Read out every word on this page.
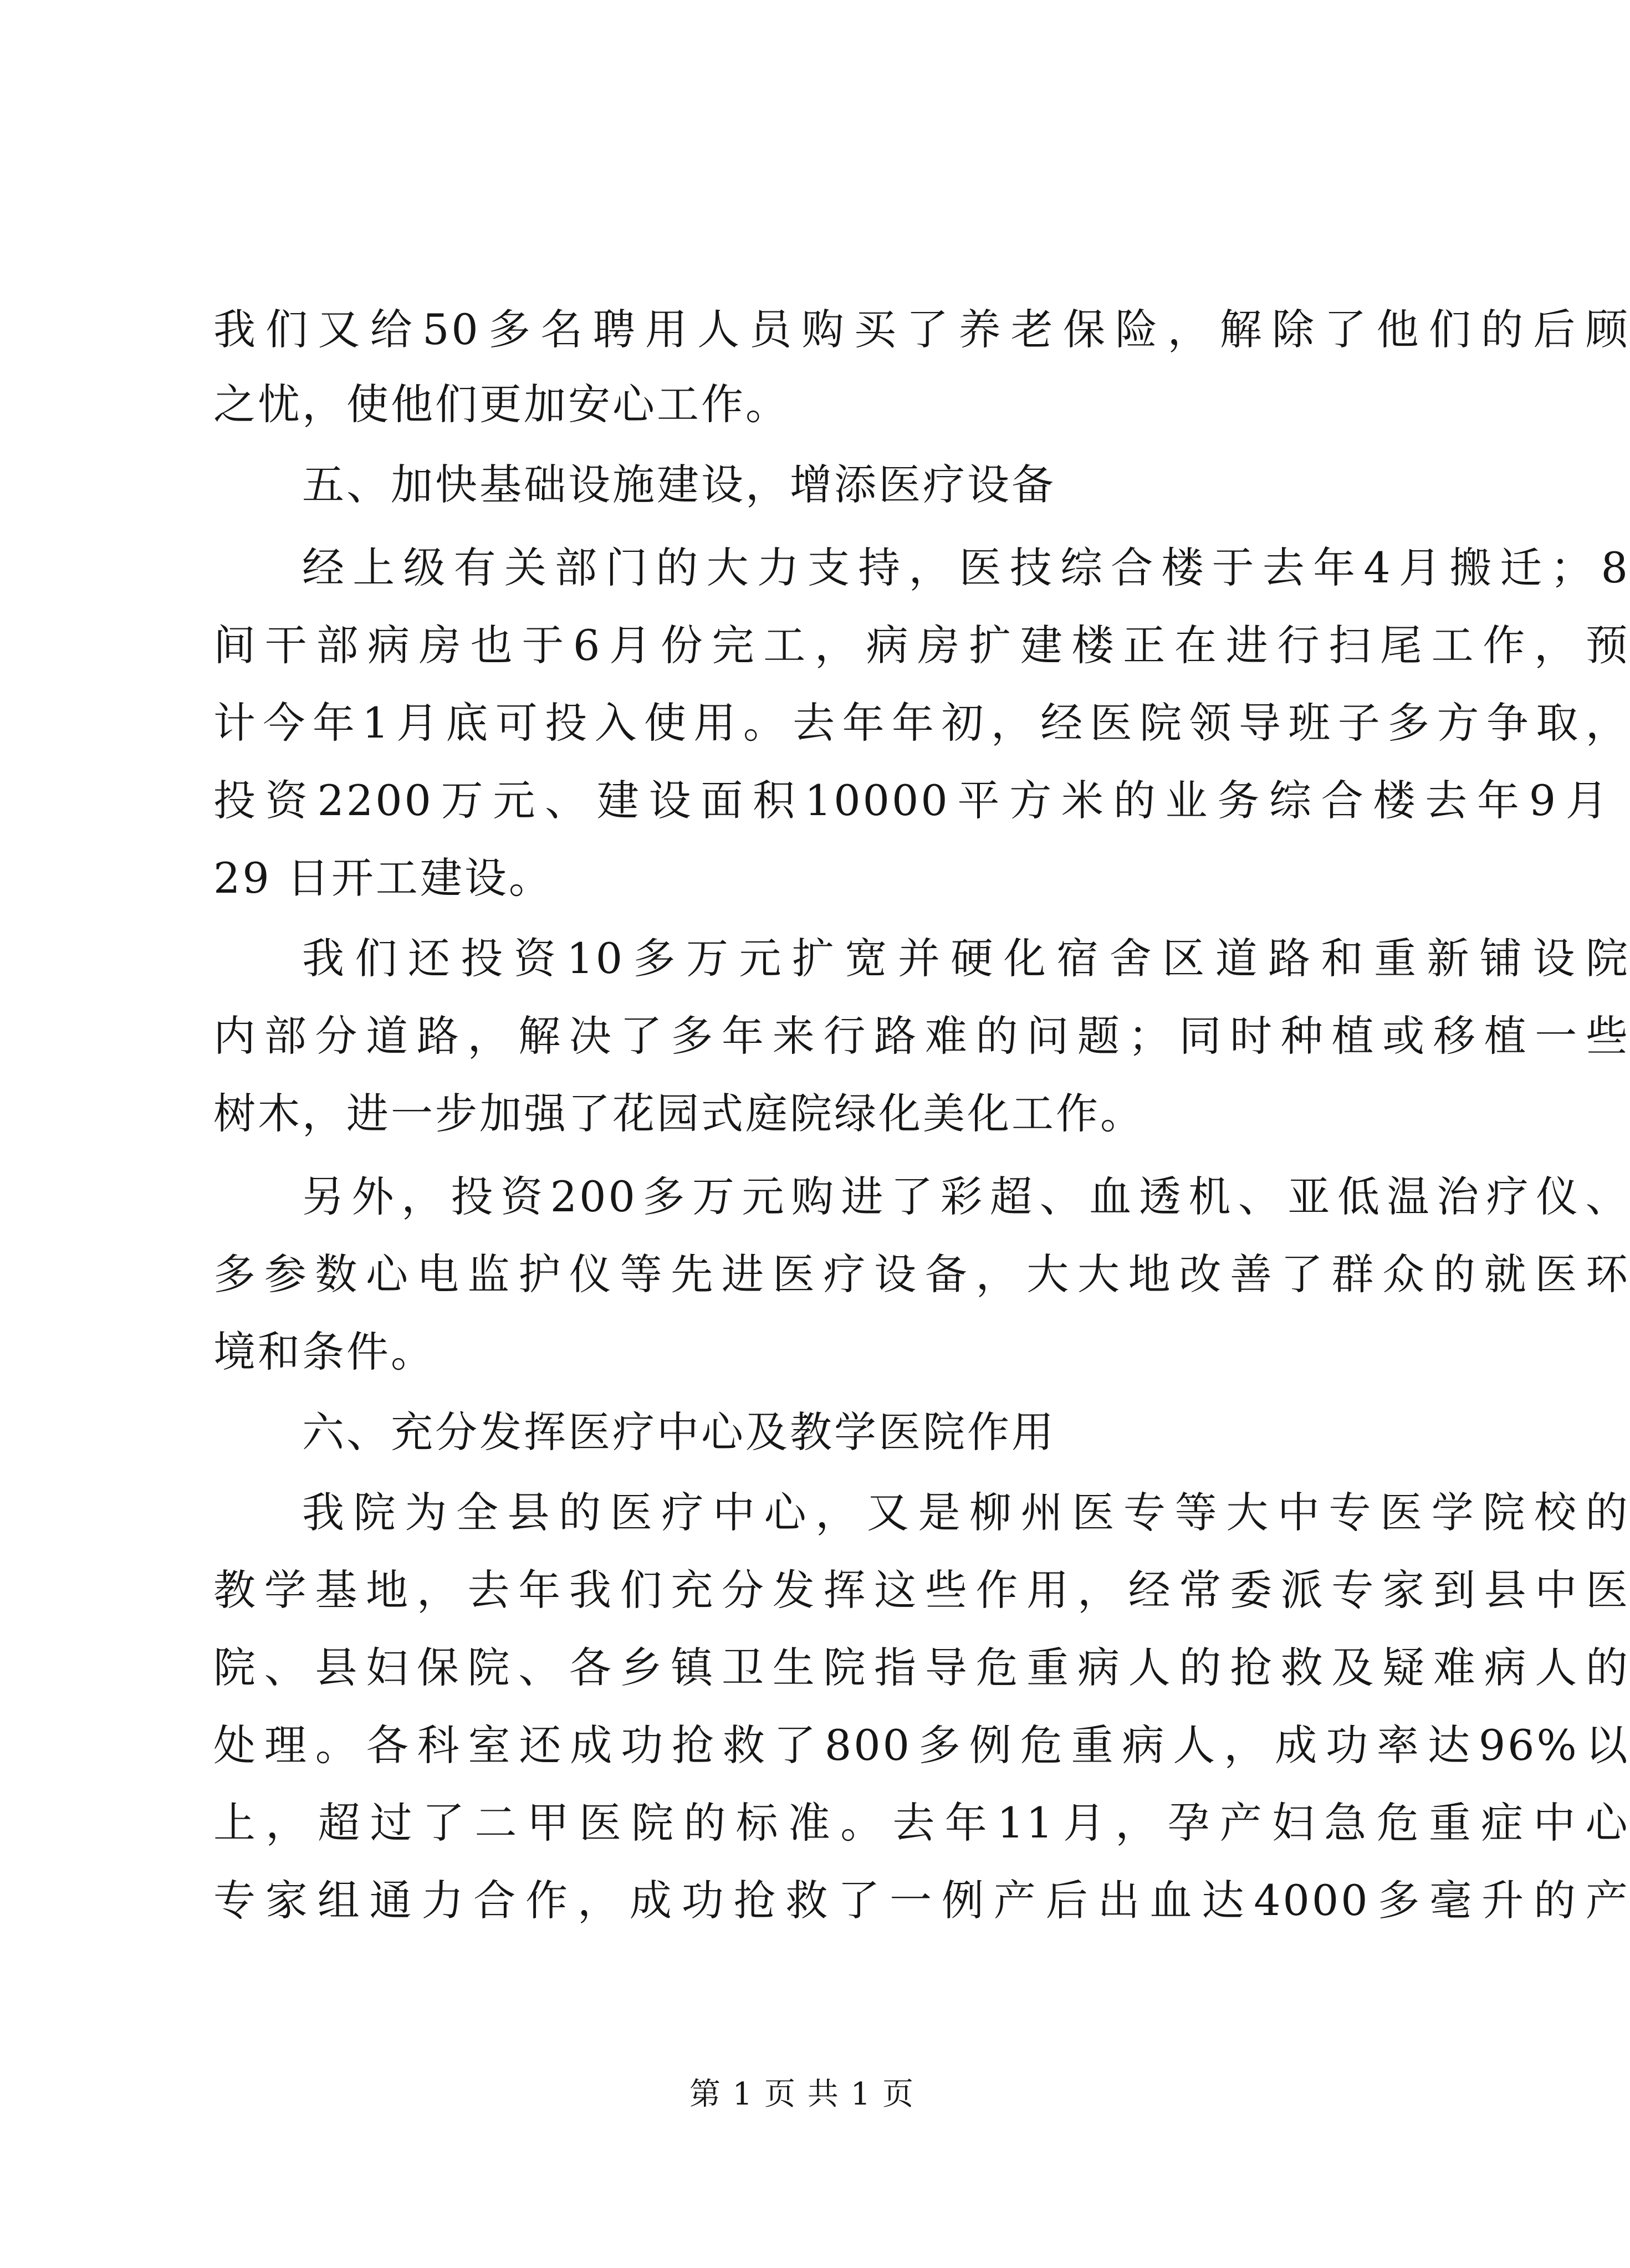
我 们 又 给 50 多 名 聘 用 人 员 购 买 了 养 老 保 险 ， 解 除 了 他 们 的 后 顾
之忧，使他们更加安心工作。
五、加快基础设施建设，增添医疗设备
经 上 级 有 关 部 门 的 大 力 支 持 ， 医 技 综 合 楼 于 去 年 4 月 搬 迁 ； 8
间 干 部 病 房 也 于 6 月 份 完 工 ， 病 房 扩 建 楼 正 在 进 行 扫 尾 工 作 ， 预
计 今 年 1 月 底 可 投 入 使 用 。 去 年 年 初 ， 经 医 院 领 导 班 子 多 方 争 取 ，
投 资 2200 万 元 、 建 设 面 积 10000 平 方 米 的 业 务 综 合 楼 去 年 9 月
29 日开工建设。
我 们 还 投 资 10 多 万 元 扩 宽 并 硬 化 宿 舍 区 道 路 和 重 新 铺 设 院
内 部 分 道 路 ， 解 决 了 多 年 来 行 路 难 的 问 题 ； 同 时 种 植 或 移 植 一 些
树木，进一步加强了花园式庭院绿化美化工作。
另 外 ， 投 资 200 多 万 元 购 进 了 彩 超 、 血 透 机 、 亚 低 温 治 疗 仪 、
多 参 数 心 电 监 护 仪 等 先 进 医 疗 设 备 ， 大 大 地 改 善 了 群 众 的 就 医 环
境和条件。
六、充分发挥医疗中心及教学医院作用
我 院 为 全 县 的 医 疗 中 心 ， 又 是 柳 州 医 专 等 大 中 专 医 学 院 校 的
教 学 基 地 ， 去 年 我 们 充 分 发 挥 这 些 作 用 ， 经 常 委 派 专 家 到 县 中 医
院 、 县 妇 保 院 、 各 乡 镇 卫 生 院 指 导 危 重 病 人 的 抢 救 及 疑 难 病 人 的
处 理 。 各 科 室 还 成 功 抢 救 了 800 多 例 危 重 病 人 ， 成 功 率 达 96% 以
上 ， 超 过 了 二 甲 医 院 的 标 准 。 去 年 11 月 ， 孕 产 妇 急 危 重 症 中 心
专 家 组 通 力 合 作 ， 成 功 抢 救 了 一 例 产 后 出 血 达 4000 多 毫 升 的 产
第 1 页 共 1 页
